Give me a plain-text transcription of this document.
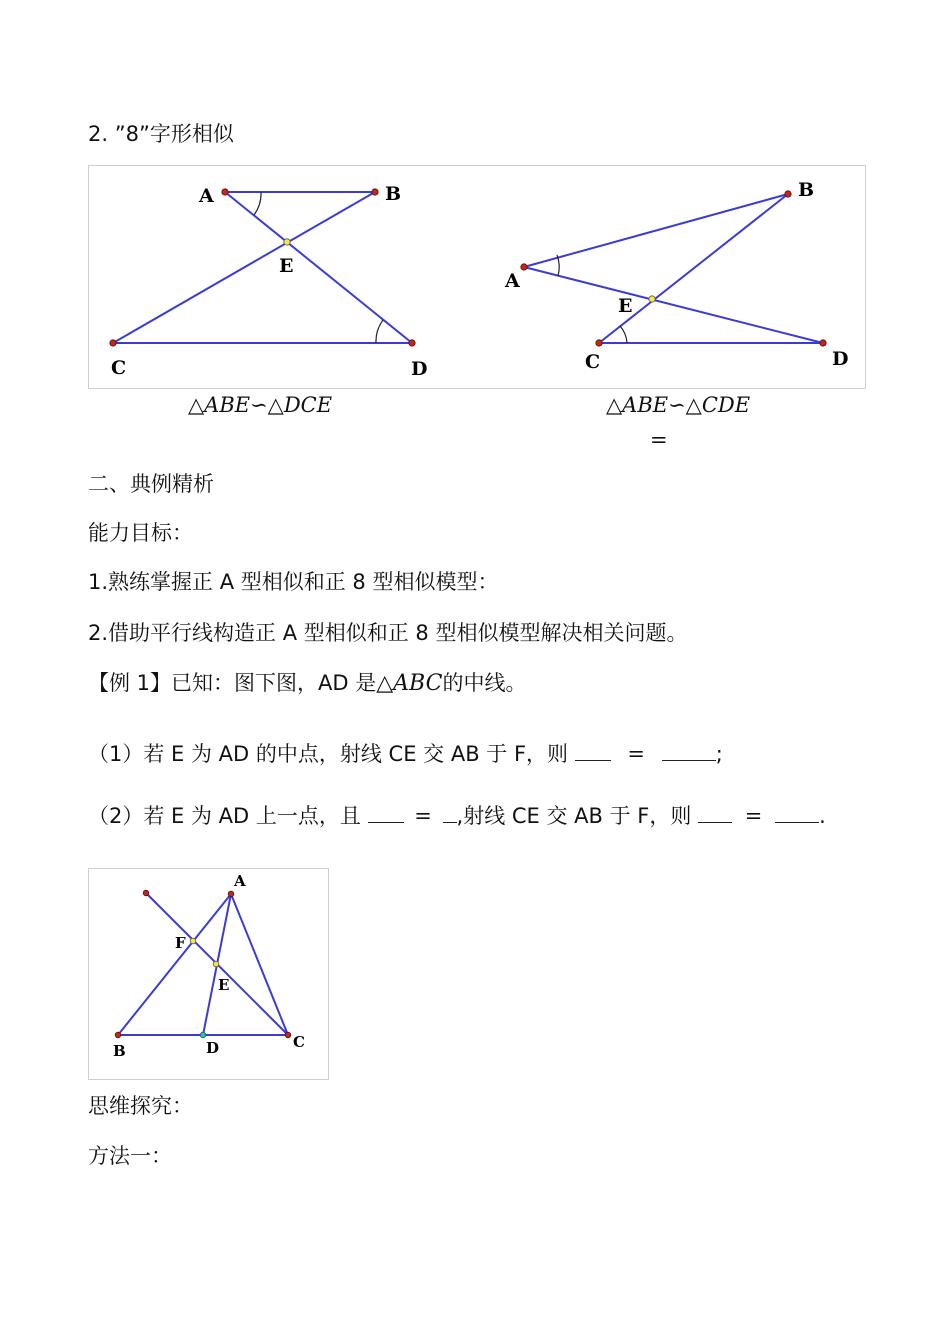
2. ”8”字形相似
A	B
E
C	D
B
A
E
C	D
△ABE∽△DCE	△ABE∽△CDE
=
二、典例精析
能力目标：
1.熟练掌握正 A 型相似和正 8 型相似模型：
2.借助平行线构造正 A 型相似和正 8 型相似模型解决相关问题。
【例 1】已知：图下图，AD 是△ABC的中线。
（1）若 E 为 AD 的中点，射线 CE 交 AB 于 F，则	=	;
（2）若 E 为 AD 上一点，且	= ,射线 CE 交 AB 于 F，则	=	.
A
F
E
B	D	C
思维探究：
方法一：
